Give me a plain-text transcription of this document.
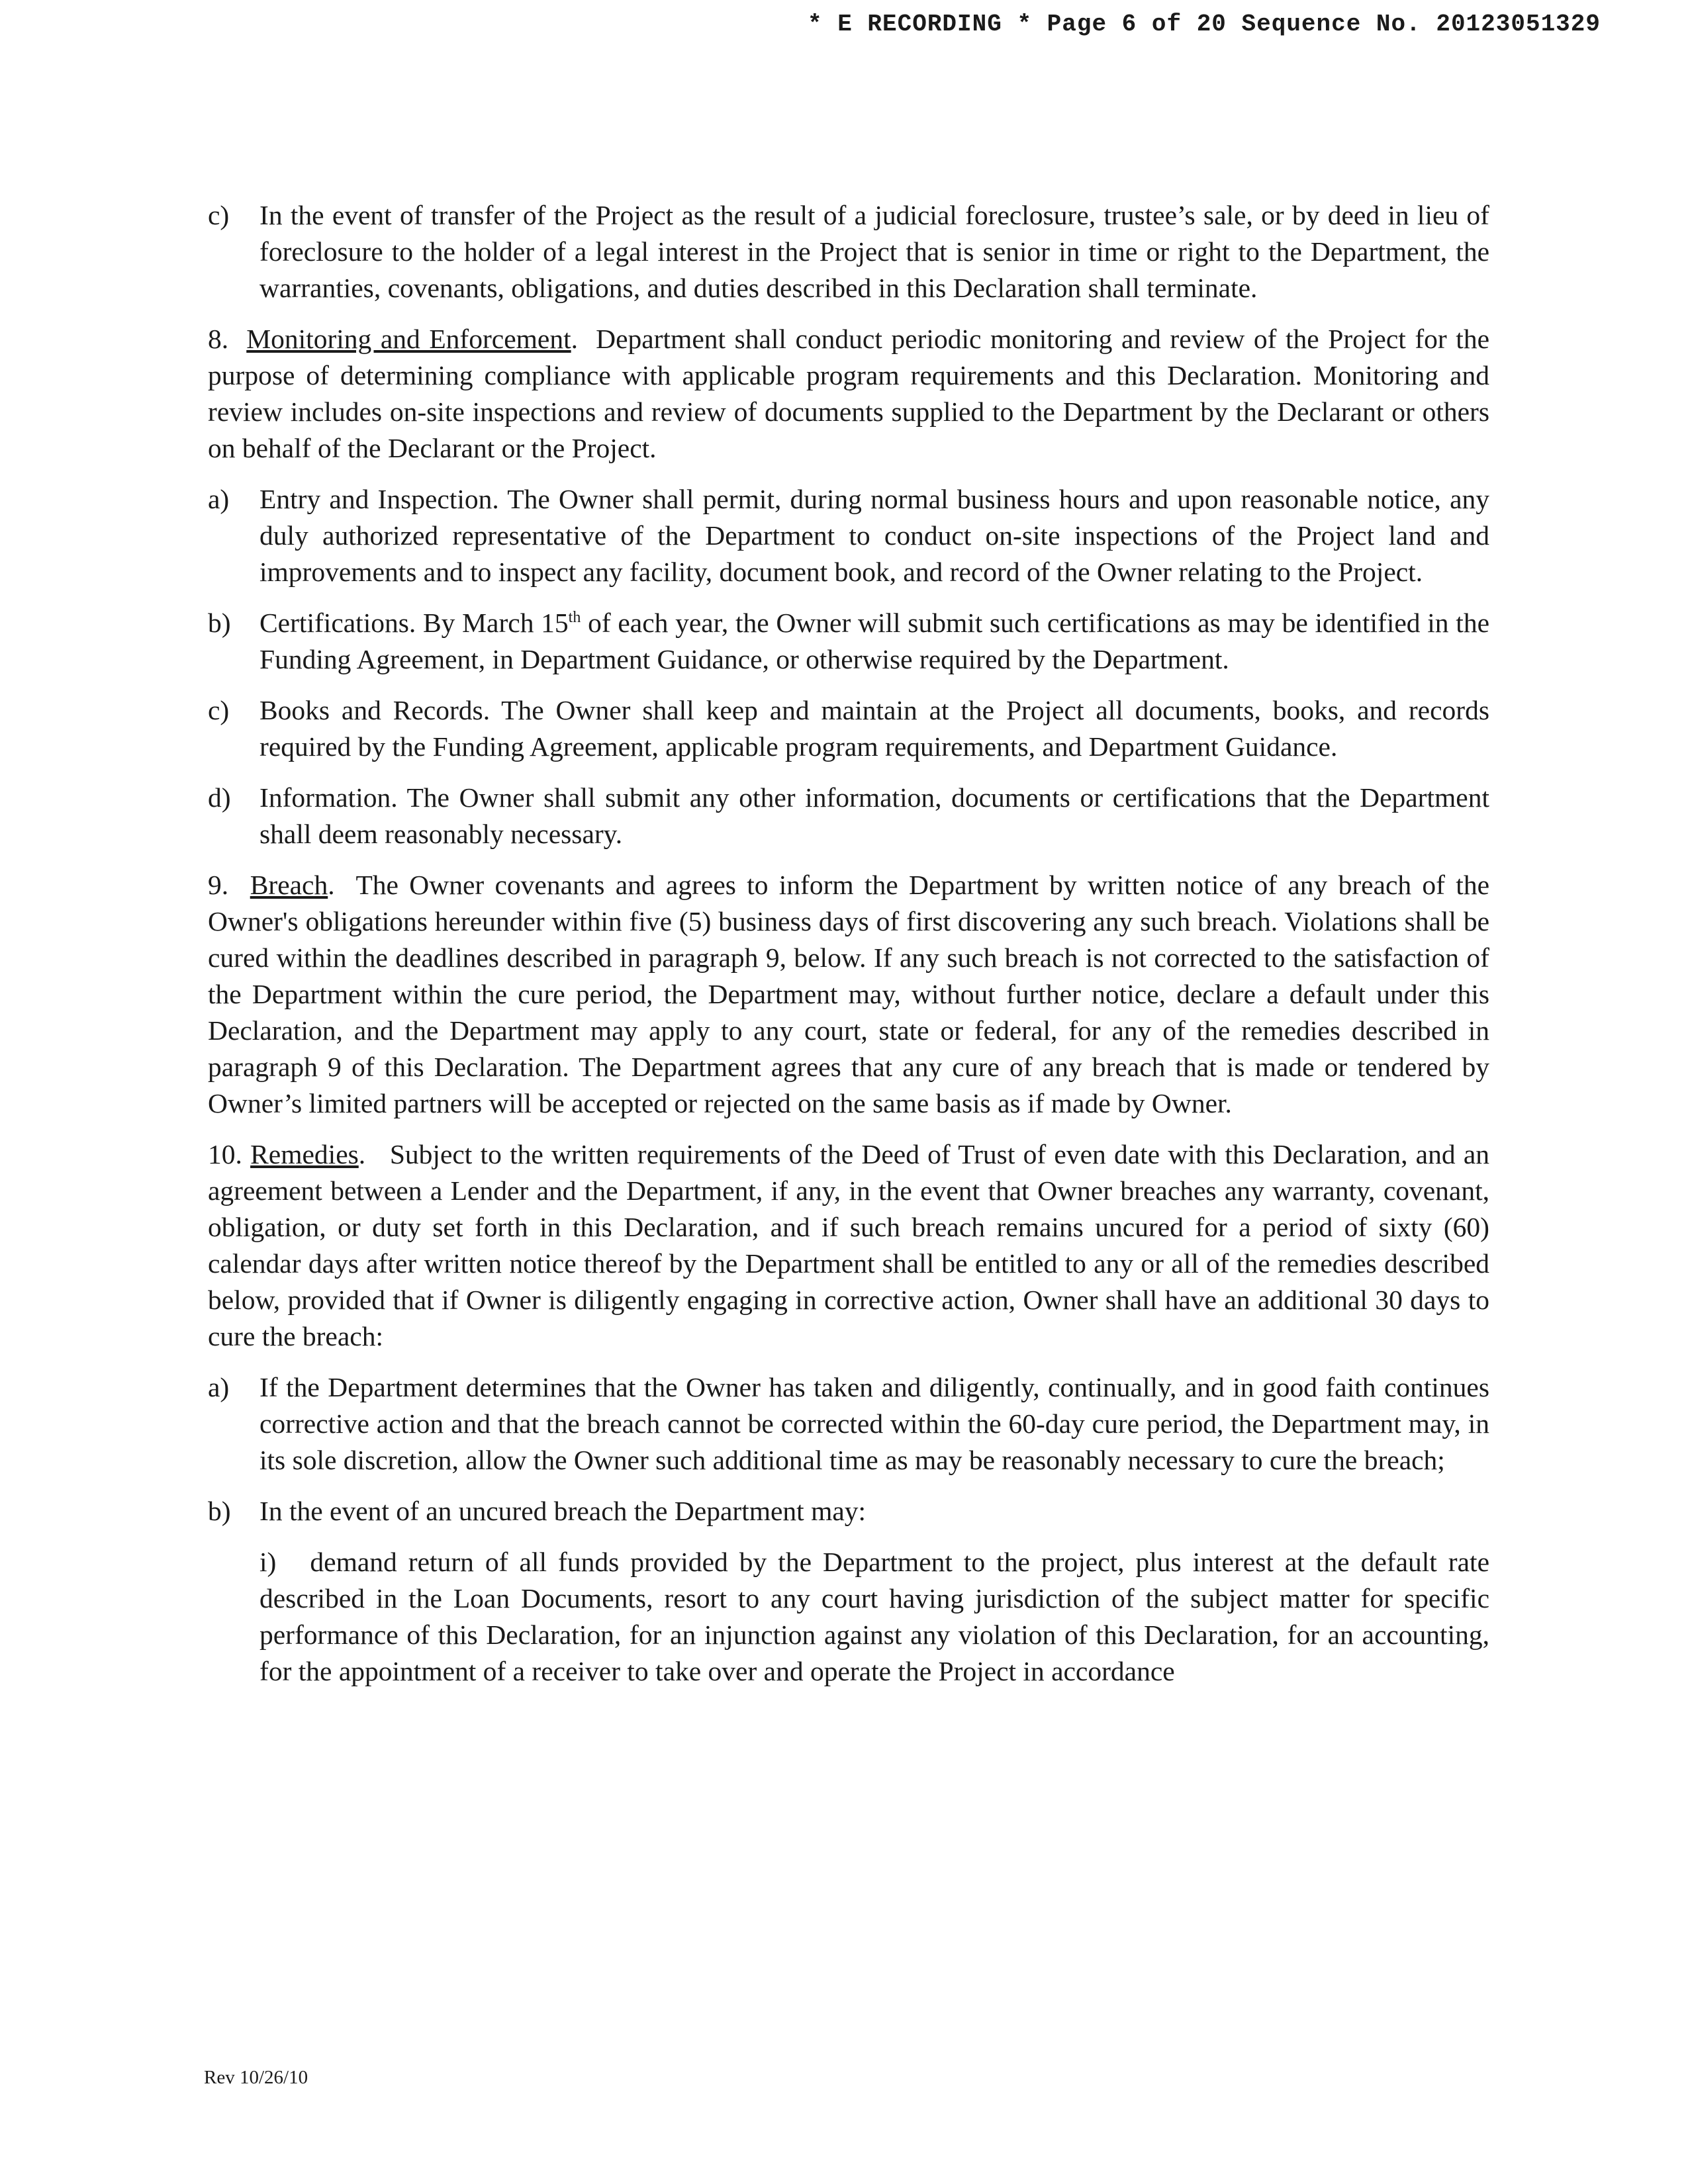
* E RECORDING * Page 6 of 20 Sequence No. 20123051329
c) In the event of transfer of the Project as the result of a judicial foreclosure, trustee’s sale, or by deed in lieu of foreclosure to the holder of a legal interest in the Project that is senior in time or right to the Department, the warranties, covenants, obligations, and duties described in this Declaration shall terminate.
8. Monitoring and Enforcement.  Department shall conduct periodic monitoring and review of the Project for the purpose of determining compliance with applicable program requirements and this Declaration. Monitoring and review includes on-site inspections and review of documents supplied to the Department by the Declarant or others on behalf of the Declarant or the Project.
a) Entry and Inspection. The Owner shall permit, during normal business hours and upon reasonable notice, any duly authorized representative of the Department to conduct on-site inspections of the Project land and improvements and to inspect any facility, document book, and record of the Owner relating to the Project.
b) Certifications. By March 15th of each year, the Owner will submit such certifications as may be identified in the Funding Agreement, in Department Guidance, or otherwise required by the Department.
c) Books and Records. The Owner shall keep and maintain at the Project all documents, books, and records required by the Funding Agreement, applicable program requirements, and Department Guidance.
d) Information. The Owner shall submit any other information, documents or certifications that the Department shall deem reasonably necessary.
9. Breach.  The Owner covenants and agrees to inform the Department by written notice of any breach of the Owner's obligations hereunder within five (5) business days of first discovering any such breach. Violations shall be cured within the deadlines described in paragraph 9, below. If any such breach is not corrected to the satisfaction of the Department within the cure period, the Department may, without further notice, declare a default under this Declaration, and the Department may apply to any court, state or federal, for any of the remedies described in paragraph 9 of this Declaration. The Department agrees that any cure of any breach that is made or tendered by Owner’s limited partners will be accepted or rejected on the same basis as if made by Owner.
10. Remedies.   Subject to the written requirements of the Deed of Trust of even date with this Declaration, and an agreement between a Lender and the Department, if any, in the event that Owner breaches any warranty, covenant, obligation, or duty set forth in this Declaration, and if such breach remains uncured for a period of sixty (60) calendar days after written notice thereof by the Department shall be entitled to any or all of the remedies described below, provided that if Owner is diligently engaging in corrective action, Owner shall have an additional 30 days to cure the breach:
a) If the Department determines that the Owner has taken and diligently, continually, and in good faith continues corrective action and that the breach cannot be corrected within the 60-day cure period, the Department may, in its sole discretion, allow the Owner such additional time as may be reasonably necessary to cure the breach;
b) In the event of an uncured breach the Department may:
i) demand return of all funds provided by the Department to the project, plus interest at the default rate described in the Loan Documents, resort to any court having jurisdiction of the subject matter for specific performance of this Declaration, for an injunction against any violation of this Declaration, for an accounting, for the appointment of a receiver to take over and operate the Project in accordance
Rev 10/26/10
